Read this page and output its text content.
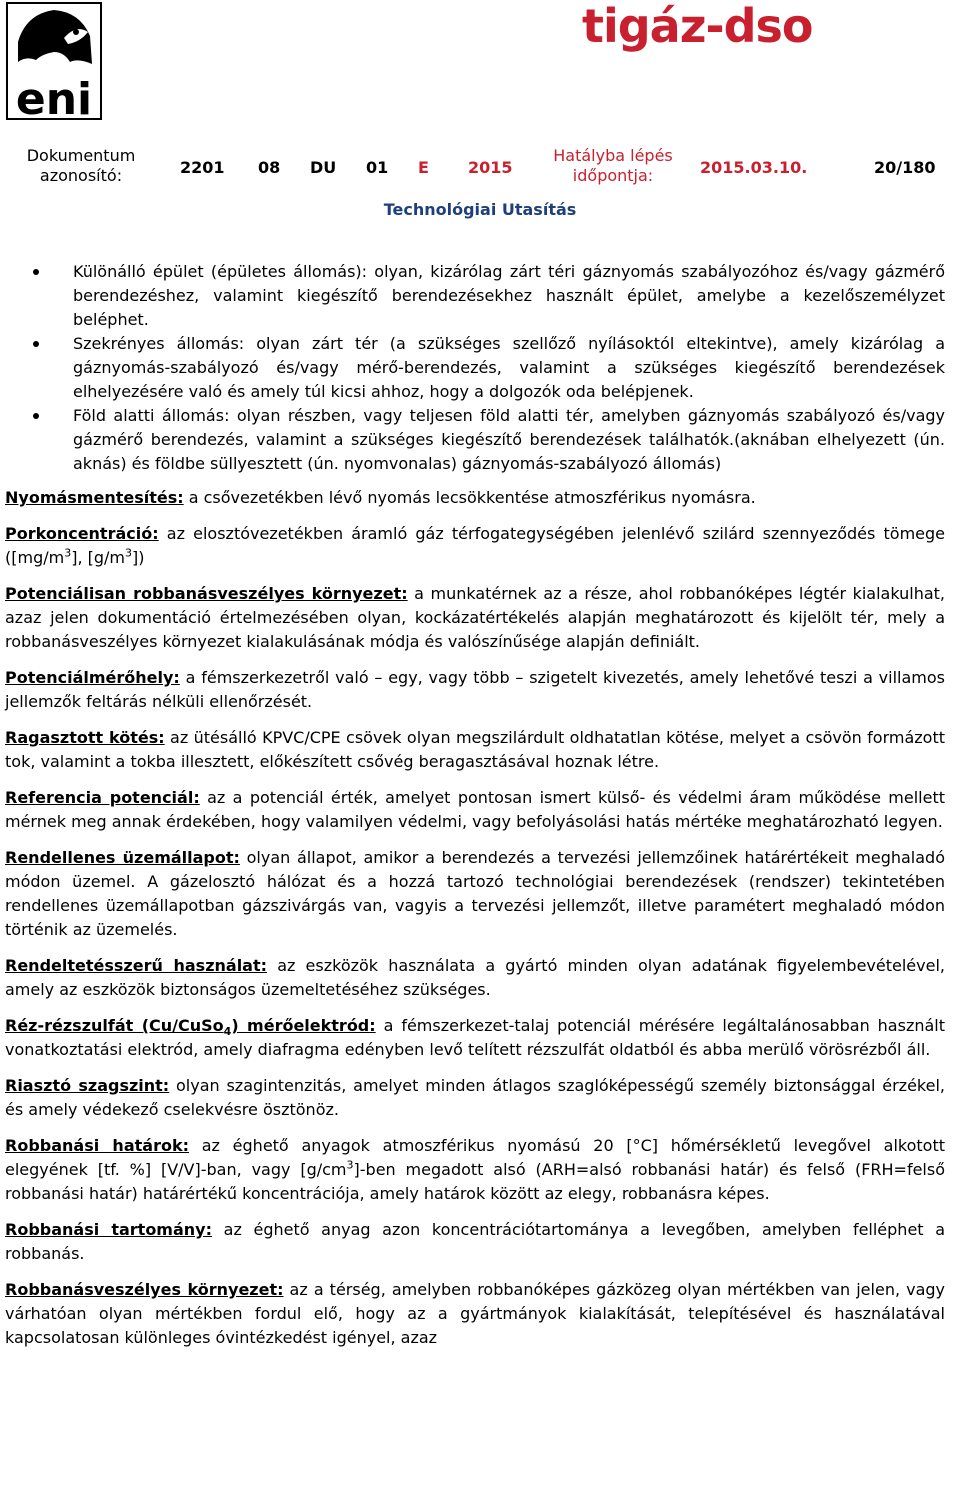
eni
tigáz-dso
Dokumentum
azonosító:	2201 08 DU 01 E 2015
Hatályba lépés
időpontja:	2015.03.10.	20/180
Technológiai Utasítás
Különálló épület (épületes állomás): olyan, kizárólag zárt téri gáznyomás szabályozóhoz és/vagy gázmérő berendezéshez, valamint kiegészítő berendezésekhez használt épület, amelybe a kezelőszemélyzet beléphet.
Szekrényes állomás: olyan zárt tér (a szükséges szellőző nyílásoktól eltekintve), amely kizárólag a gáznyomás-szabályozó és/vagy mérő-berendezés, valamint a szükséges kiegészítő berendezések elhelyezésére való és amely túl kicsi ahhoz, hogy a dolgozók oda belépjenek.
Föld alatti állomás: olyan részben, vagy teljesen föld alatti tér, amelyben gáznyomás szabályozó és/vagy gázmérő berendezés, valamint a szükséges kiegészítő berendezések találhatók.(aknában elhelyezett (ún. aknás) és földbe süllyesztett (ún. nyomvonalas) gáznyomás-szabályozó állomás)

Nyomásmentesítés: a csővezetékben lévő nyomás lecsökkentése atmoszférikus nyomásra.

Porkoncentráció: az elosztóvezetékben áramló gáz térfogategységében jelenlévő szilárd szennyeződés tömege ($[mg/m^3]$, $[g/m^3]$)

Potenciálisan robbanásveszélyes környezet: a munkatérnek az a része, ahol robbanóképes légtér kialakulhat, azaz jelen dokumentáció értelmezésében olyan, kockázatértékelés alapján meghatározott és kijelölt tér, mely a robbanásveszélyes környezet kialakulásának módja és valószínűsége alapján definiált.

Potenciálmérőhely: a fémszerkezetről való – egy, vagy több – szigetelt kivezetés, amely lehetővé teszi a villamos jellemzők feltárás nélküli ellenőrzését.

Ragasztott kötés: az ütésálló KPVC/CPE csövek olyan megszilárdult oldhatatlan kötése, melyet a csövön formázott tok, valamint a tokba illesztett, előkészített csővég beragasztásával hoznak létre.

Referencia potenciál: az a potenciál érték, amelyet pontosan ismert külső- és védelmi áram működése mellett mérnek meg annak érdekében, hogy valamilyen védelmi, vagy befolyásolási hatás mértéke meghatározható legyen.

Rendellenes üzemállapot: olyan állapot, amikor a berendezés a tervezési jellemzőinek határértékeit meghaladó módon üzemel. A gázelosztó hálózat és a hozzá tartozó technológiai berendezések (rendszer) tekintetében rendellenes üzemállapotban gázszivárgás van, vagyis a tervezési jellemzőt, illetve paramétert meghaladó módon történik az üzemelés.

Rendeltetésszerű használat: az eszközök használata a gyártó minden olyan adatának figyelembevételével, amely az eszközök biztonságos üzemeltetéséhez szükséges.

Réz-rézszulfát (Cu/CuSo$_4$) mérőelektród: a fémszerkezet-talaj potenciál mérésére legáltalánosabban használt vonatkoztatási elektród, amely diafragma edényben levő telített rézszulfát oldatból és abba merülő vörösrézből áll.

Riasztó szagszint: olyan szagintenzitás, amelyet minden átlagos szaglóképességű személy biztonsággal érzékel, és amely védekező cselekvésre ösztönöz.

Robbanási határok: az éghető anyagok atmoszférikus nyomású 20 [°C] hőmérsékletű levegővel alkotott elegyének [tf. %] [V/V]-ban, vagy $[g/cm^3]$-ben megadott alsó (ARH=alsó robbanási határ) és felső (FRH=felső robbanási határ) határértékű koncentrációja, amely határok között az elegy, robbanásra képes.

Robbanási tartomány: az éghető anyag azon koncentrációtartománya a levegőben, amelyben felléphet a robbanás.

Robbanásveszélyes környezet: az a térség, amelyben robbanóképes gázközeg olyan mértékben van jelen, vagy várhatóan olyan mértékben fordul elő, hogy az a gyártmányok kialakítását, telepítésével és használatával kapcsolatosan különleges óvintézkedést igényel, azaz
